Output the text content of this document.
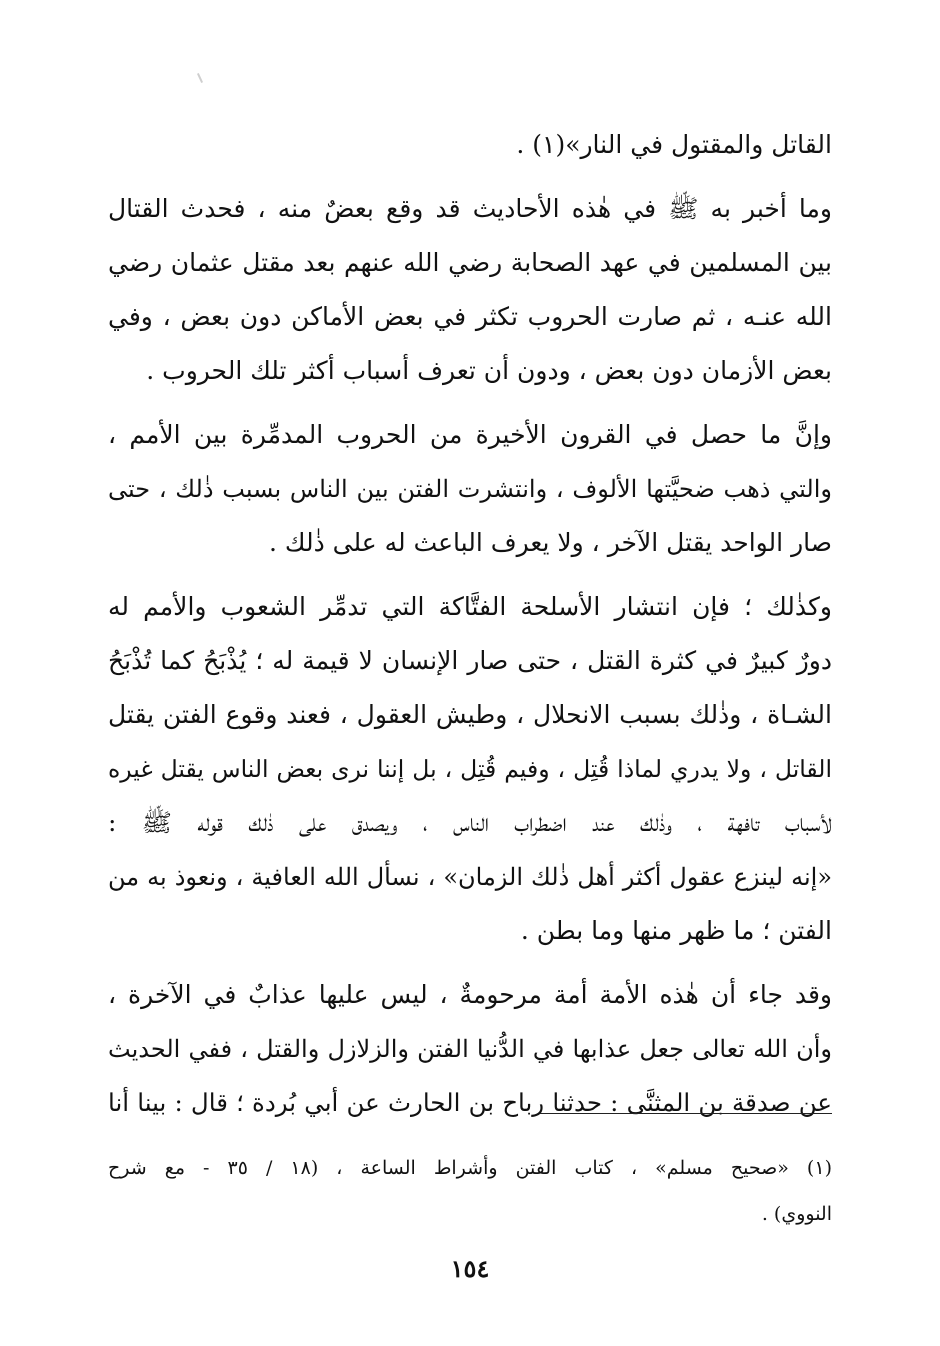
القاتل والمقتول في النار»(١) .

وما أخبر به ﷺ في هٰذه الأحاديث قد وقع بعضٌ منه ، فحدث القتال
بين المسلمين في عهد الصحابة رضي الله عنهم بعد مقتل عثمان رضي
الله عنـه ، ثم صارت الحروب تكثر في بعض الأماكن دون بعض ، وفي
بعض الأزمان دون بعض ، ودون أن تعرف أسباب أكثر تلك الحروب .

وإنَّ ما حصل في القرون الأخيرة من الحروب المدمِّرة بين الأمم ،
والتي ذهب ضحيَّتها الألوف ، وانتشرت الفتن بين الناس بسبب ذٰلك ، حتى
صار الواحد يقتل الآخر ، ولا يعرف الباعث له على ذٰلك .

وكذٰلك ؛ فإن انتشار الأسلحة الفتَّاكة التي تدمِّر الشعوب والأمم له
دورٌ كبيرٌ في كثرة القتل ، حتى صار الإنسان لا قيمة له ؛ يُذْبَحُ كما تُذْبَحُ
الشـاة ، وذٰلك بسبب الانحلال ، وطيش العقول ، فعند وقوع الفتن يقتل
القاتل ، ولا يدري لماذا قُتِل ، وفيم قُتِل ، بل إننا نرى بعض الناس يقتل غيره
لأسباب تافهة ، وذٰلك عند اضطراب الناس ، ويصدق على ذٰلك قوله ﷺ :
«إنه لينزع عقول أكثر أهل ذٰلك الزمان» ، نسأل الله العافية ، ونعوذ به من
الفتن ؛ ما ظهر منها وما بطن .

وقد جاء أن هٰذه الأمة أمة مرحومةٌ ، ليس عليها عذابٌ في الآخرة ،
وأن الله تعالى جعل عذابها في الدُّنيا الفتن والزلازل والقتل ، ففي الحديث
عن صدقة بن المثنَّى : حدثنا رباح بن الحارث عن أبي بُردة ؛ قال : بينا أنا

(١) «صحيح مسلم» ، كتاب الفتن وأشراط الساعة ، (١٨ / ٣٥ - مع شرح
النووي) .
١٥٤
